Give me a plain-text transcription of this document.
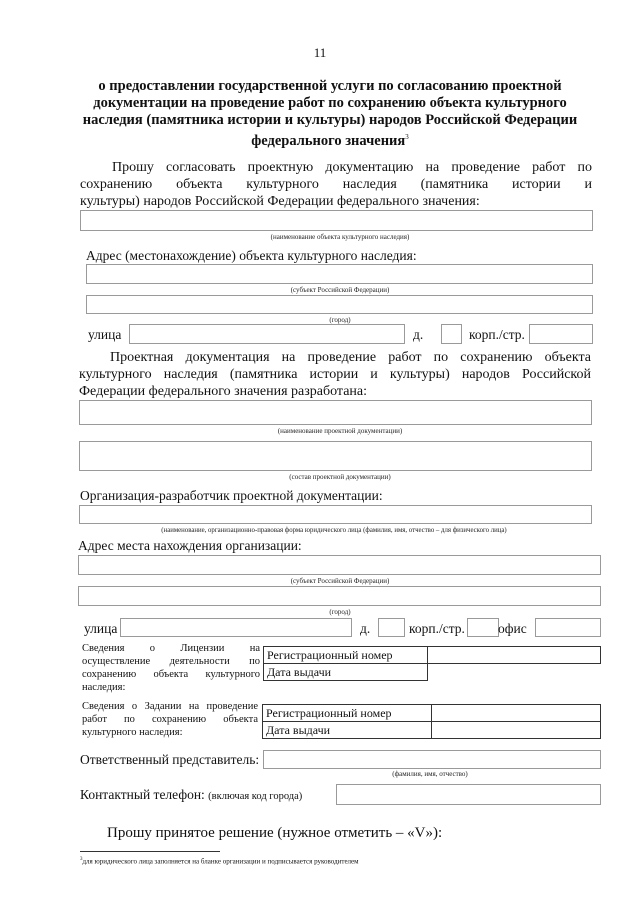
11
о предоставлении государственной услуги по согласованию проектной
документации на проведение работ по сохранению объекта культурного
наследия (памятника истории и культуры) народов Российской Федерации
федерального значения$^3$
Прошу согласовать проектную документацию на проведение работ по
сохранению объекта культурного наследия (памятника истории и
культуры) народов Российской Федерации федерального значения:
(наименование объекта культурного наследия)
Адрес (местонахождение) объекта культурного наследия:
(субъект Российской Федерации)
(город)
улица	д.	корп./стр.
Проектная документация на проведение работ по сохранению объекта
культурного наследия (памятника истории и культуры) народов Российской
Федерации федерального значения разработана:
(наименование проектной документации)
(состав проектной документации)
Организация-разработчик проектной документации:
(наименование, организационно-правовая форма юридического лица (фамилия, имя, отчество – для физического лица)
Адрес места нахождения организации:
(субъект Российской Федерации)
(город)
улица	д.	корп./стр. офис
Сведения о Лицензии на
осуществление деятельности по
сохранению объекта культурного
наследия:
Регистрационный номер
Дата выдачи
Сведения о Задании на проведение
работ по сохранению объекта
культурного наследия:
Регистрационный номер
Дата выдачи
Ответственный представитель:
(фамилия, имя, отчество)
Контактный телефон: (включая код города)
Прошу принятое решение (нужное отметить – «V»):
$^3$для юридического лица заполняется на бланке организации и подписывается руководителем
